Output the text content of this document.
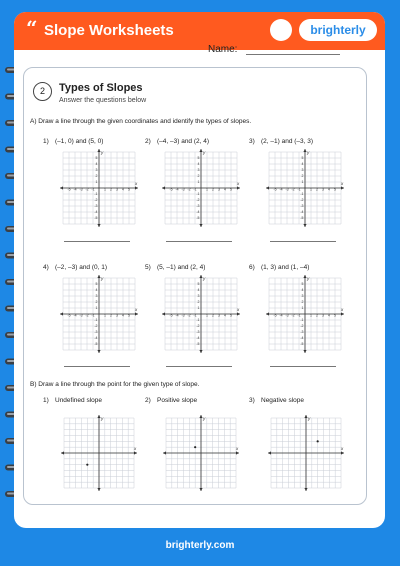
“ Slope Worksheets	brighterly
Name:
2	Types of Slopes
Answer the questions below
A) Draw a line through the given coordinates and identify the types of slopes.
1) (–1, 0) and (5, 0)	2) (–4, –3) and (2, 4)	3) (2, –1) and (–3, 3)
x
y
-5 -4 -3 -2 -1	1 2 3 4 5
5
4
3
2
1
-1
-2
-3
-4
-5
x
y
-5 -4 -3 -2 -1	1 2 3 4 5
5
4
3
2
1
-1
-2
-3
-4
-5
x
y
-5 -4 -3 -2 -1	1 2 3 4 5
5
4
3
2
1
-1
-2
-3
-4
-5
4) (–2, –3) and (0, 1)	5) (5, –1) and (2, 4)	6) (1, 3) and (1, –4)
x
y
-5 -4 -3 -2 -1	1 2 3 4 5
5
4
3
2
1
-1
-2
-3
-4
-5
x
y
-5 -4 -3 -2 -1	1 2 3 4 5
5
4
3
2
1
-1
-2
-3
-4
-5
x
y
-5 -4 -3 -2 -1	1 2 3 4 5
5
4
3
2
1
-1
-2
-3
-4
-5
B) Draw a line through the point for the given type of slope.
1) Undefined slope	2) Positive slope	3) Negative slope
x
y
x
y
x
y
brighterly.com
